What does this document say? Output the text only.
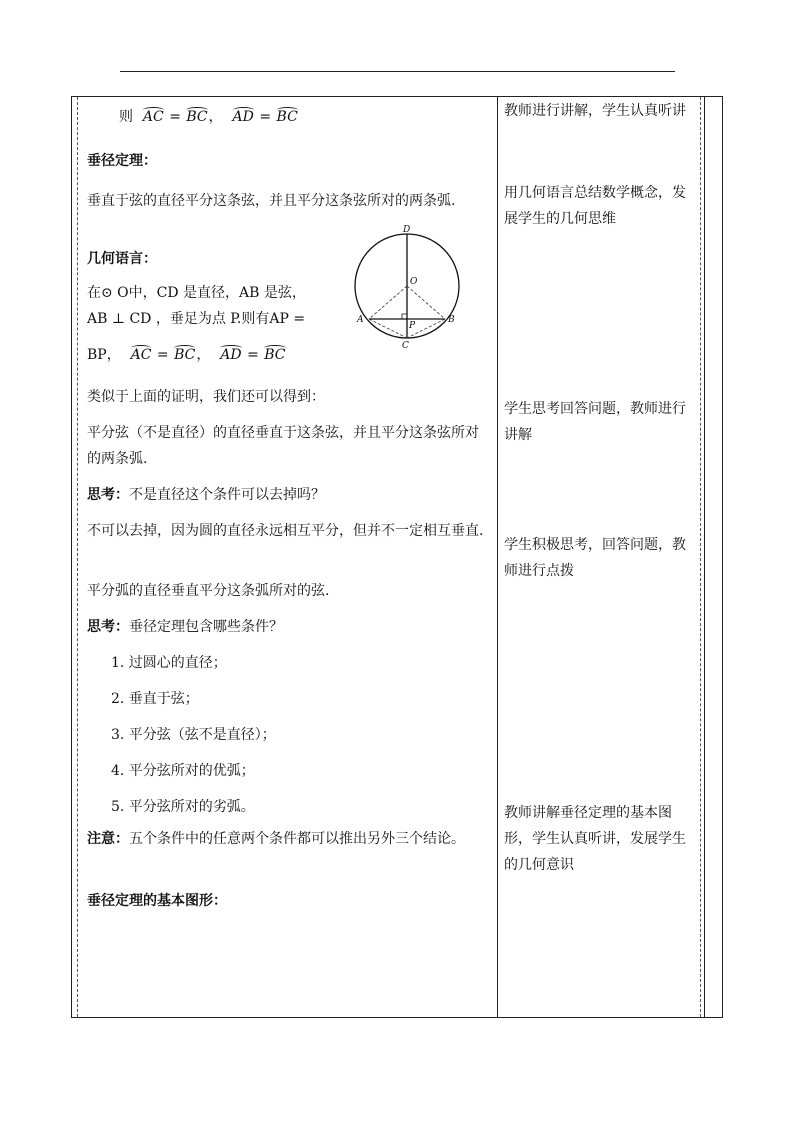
则 AC = BC， AD = BC
垂径定理：
垂直于弦的直径平分这条弦，并且平分这条弦所对的两条弧.
几何语言：
在⊙ O中，CD 是直径，AB 是弦，
AB ⊥ CD ，垂足为点 P.则有AP =
BP， AC = BC， AD = BC
类似于上面的证明，我们还可以得到：
平分弦（不是直径）的直径垂直于这条弦，并且平分这条弦所对的两条弧.
思考：不是直径这个条件可以去掉吗？
不可以去掉，因为圆的直径永远相互平分，但并不一定相互垂直.
平分弧的直径垂直平分这条弧所对的弦.
思考：垂径定理包含哪些条件？
1. 过圆心的直径；
2. 垂直于弦；
3. 平分弦（弦不是直径）；
4. 平分弦所对的优弧；
5. 平分弦所对的劣弧。
注意：五个条件中的任意两个条件都可以推出另外三个结论。
垂径定理的基本图形：
D
O
A	B
P
C
教师进行讲解，学生认真听讲
用几何语言总结数学概念，发展学生的几何思维
学生思考回答问题，教师进行讲解
学生积极思考，回答问题，教师进行点拨
教师讲解垂径定理的基本图形，学生认真听讲，发展学生的几何意识
